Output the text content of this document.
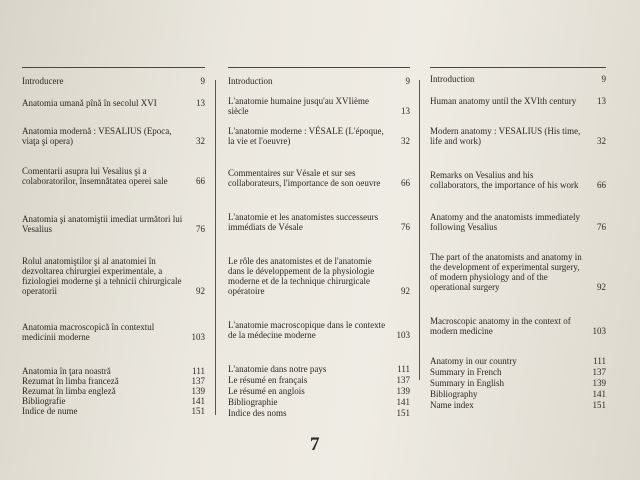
Introducere	9
Anatomia umană pînă în secolul XVI	13
Anatomia modernă : VESALIUS (Epoca, viaţa şi opera)	32
Comentarii asupra lui Vesalius şi a colaboratorilor, însemnătatea operei sale	66
Anatomia şi anatomiştii imediat următori lui Vesalius	76
Rolul anatomiştilor şi al anatomiei în dezvoltarea chirurgiei experimentale, a fiziologiei moderne şi a tehnicii chirurgicale operatorii	92
Anatomia macroscopică în contextul medicinii moderne	103
Anatomia în ţara noastră	111
Rezumat în limba franceză	137
Rezumat în limba engleză	139
Bibliografie	141
Indice de nume	151
Introduction	9
L'anatomie humaine jusqu'au XVIième siècle	13
L'anatomie moderne : VÉSALE (L'époque, la vie et l'oeuvre)	32
Commentaires sur Vésale et sur ses collaborateurs, l'importance de son oeuvre	66
L'anatomie et les anatomistes successeurs immédiats de Vésale	76
Le rôle des anatomistes et de l'anatomie dans le développement de la physiologie moderne et de la technique chirurgicale opératoire	92
L'anatomie macroscopique dans le contexte de la médecine moderne	103
L'anatomie dans notre pays	111
Le résumé en français	137
Le résumé en anglois	139
Bibliographie	141
Indice des noms	151
Introduction	9
Human anatomy until the XVIth century	13
Modern anatomy : VESALIUS (His time, life and work)	32
Remarks on Vesalius and his collaborators, the importance of his work	66
Anatomy and the anatomists immediately following Vesalius	76
The part of the anatomists and anatomy in the development of experimental surgery, of modern physiology and of the operational surgery	92
Macroscopic anatomy in the context of modern medicine	103
Anatomy in our country	111
Summary in French	137
Summary in English	139
Bibliography	141
Name index	151
7
